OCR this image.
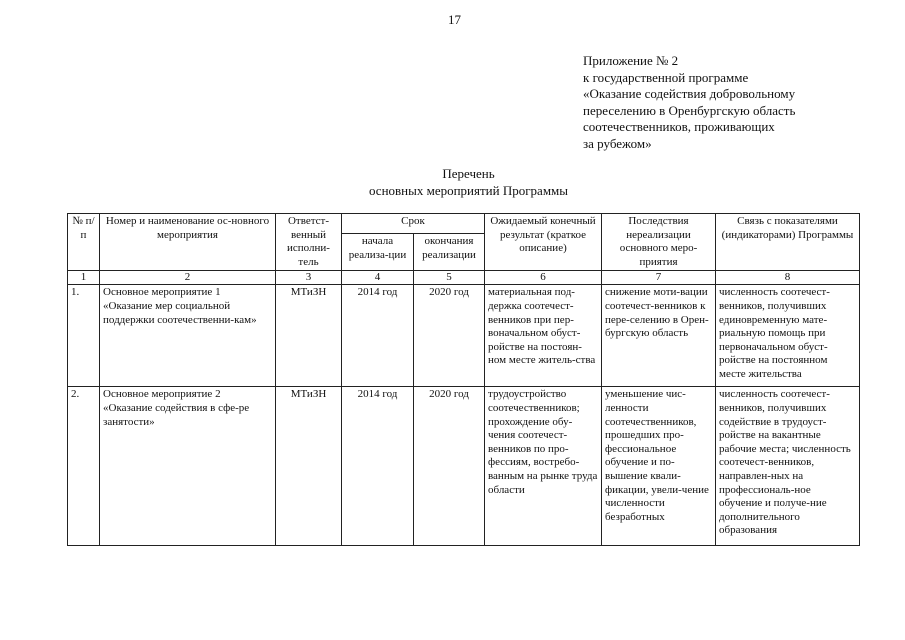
17
Приложение № 2
к государственной программе
«Оказание содействия добровольному
переселению в Оренбургскую область
соотечественников, проживающих
за рубежом»
Перечень
основных мероприятий Программы
№ п/п	Номер и наименование ос-новного мероприятия	Ответст-венный исполни-тель	Срок		Ожидаемый конечный результат (краткое описание)	Последствия нереализации основного меро-приятия	Связь с показателями (индикаторами) Программы
			начала реализа-ции	окончания реализации			
1	2	3	4	5	6	7	8
1.	Основное мероприятие 1 «Оказание мер социальной поддержки соотечественни-кам»	МТиЗН	2014 год	2020 год	материальная под-держка соотечест-венников при пер-воначальном обуст-ройстве на постоян-ном месте житель-ства	снижение моти-вации соотечест-венников к пере-селению в Орен-бургскую область	численность соотечест-венников, получивших единовременную мате-риальную помощь при первоначальном обуст-ройстве на постоянном месте жительства
2.	Основное мероприятие 2 «Оказание содействия в сфе-ре занятости»	МТиЗН	2014 год	2020 год	трудоустройство соотечественников; прохождение обу-чения соотечест-венников по про-фессиям, востребо-ванным на рынке труда области	уменьшение чис-ленности соотечественников, прошедших про-фессиональное обучение и по-вышение квали-фикации, увели-чение численности безработных	численность соотечест-венников, получивших содействие в трудоуст-ройстве на вакантные рабочие места; численность соотечест-венников, направлен-ных на профессиональ-ное обучение и получе-ние дополнительного образования
